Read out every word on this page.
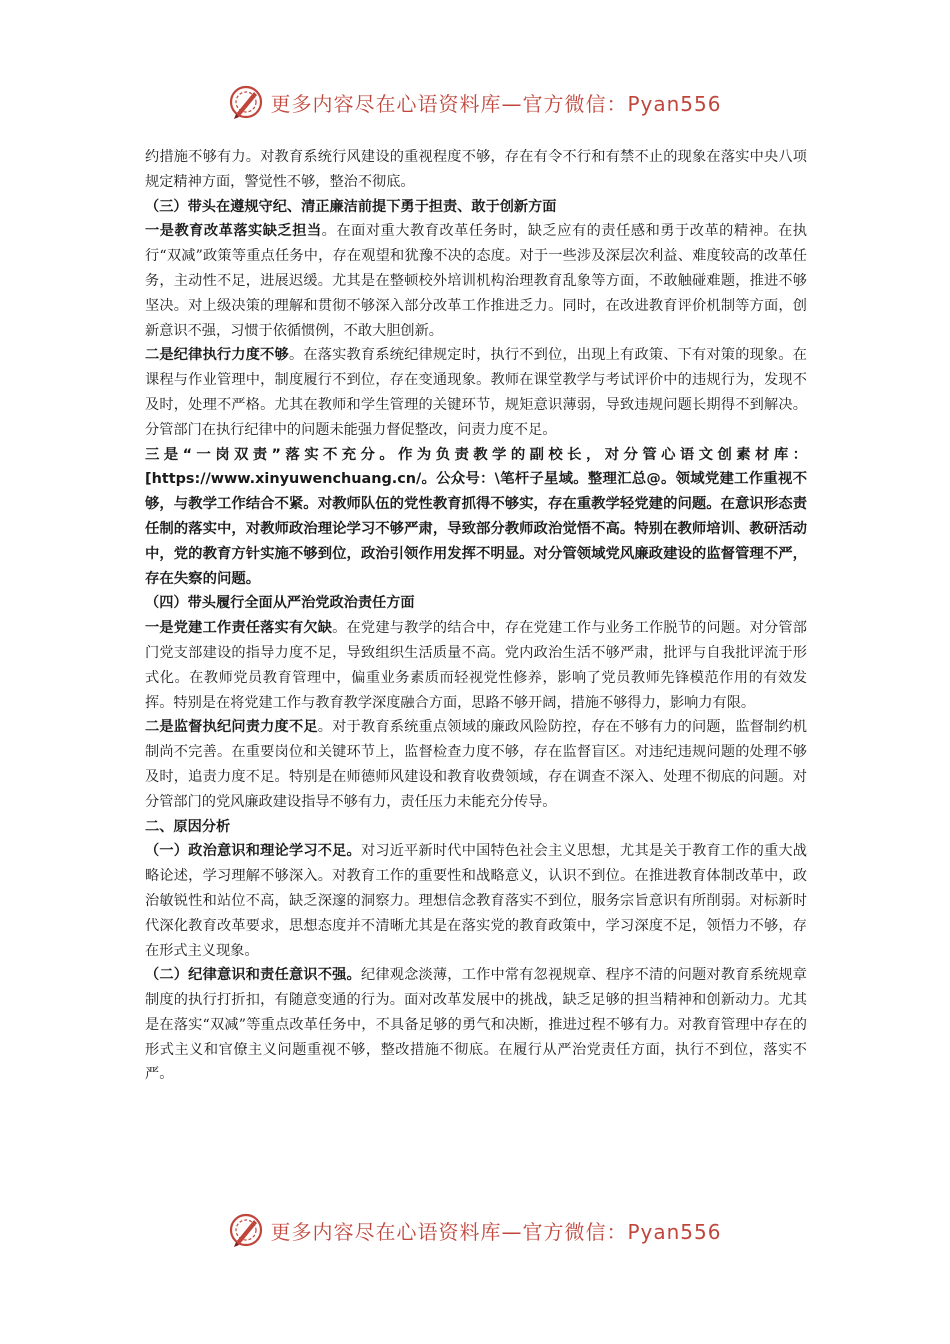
更多内容尽在心语资料库—官方微信：Pyan556

约措施不够有力。对教育系统行风建设的重视程度不够，存在有令不行和有禁不止的现象在落实中央八项规定精神方面，警觉性不够，整治不彻底。

（三）带头在遵规守纪、清正廉洁前提下勇于担责、敢于创新方面

一是教育改革落实缺乏担当。在面对重大教育改革任务时，缺乏应有的责任感和勇于改革的精神。在执行“双减”政策等重点任务中，存在观望和犹豫不决的态度。对于一些涉及深层次利益、难度较高的改革任务，主动性不足，进展迟缓。尤其是在整顿校外培训机构治理教育乱象等方面，不敢触碰难题，推进不够坚决。对上级决策的理解和贯彻不够深入部分改革工作推进乏力。同时，在改进教育评价机制等方面，创新意识不强，习惯于依循惯例，不敢大胆创新。

二是纪律执行力度不够。在落实教育系统纪律规定时，执行不到位，出现上有政策、下有对策的现象。在课程与作业管理中，制度履行不到位，存在变通现象。教师在课堂教学与考试评价中的违规行为，发现不及时，处理不严格。尤其在教师和学生管理的关键环节，规矩意识薄弱，导致违规问题长期得不到解决。分管部门在执行纪律中的问题未能强力督促整改，问责力度不足。

三是“一岗双责”落实不充分。作为负责教学的副校长，对分管心语文创素材库：[https://www.xinyuwenchuang.cn/。公众号：\笔杆子星域。整理汇总@。领域党建工作重视不够，与教学工作结合不紧。对教师队伍的党性教育抓得不够实，存在重教学轻党建的问题。在意识形态责任制的落实中，对教师政治理论学习不够严肃，导致部分教师政治觉悟不高。特别在教师培训、教研活动中，党的教育方针实施不够到位，政治引领作用发挥不明显。对分管领域党风廉政建设的监督管理不严，存在失察的问题。

（四）带头履行全面从严治党政治责任方面

一是党建工作责任落实有欠缺。在党建与教学的结合中，存在党建工作与业务工作脱节的问题。对分管部门党支部建设的指导力度不足，导致组织生活质量不高。党内政治生活不够严肃，批评与自我批评流于形式化。在教师党员教育管理中，偏重业务素质而轻视党性修养，影响了党员教师先锋模范作用的有效发挥。特别是在将党建工作与教育教学深度融合方面，思路不够开阔，措施不够得力，影响力有限。

二是监督执纪问责力度不足。对于教育系统重点领域的廉政风险防控，存在不够有力的问题，监督制约机制尚不完善。在重要岗位和关键环节上，监督检查力度不够，存在监督盲区。对违纪违规问题的处理不够及时，追责力度不足。特别是在师德师风建设和教育收费领域，存在调查不深入、处理不彻底的问题。对分管部门的党风廉政建设指导不够有力，责任压力未能充分传导。

二、原因分析

（一）政治意识和理论学习不足。对习近平新时代中国特色社会主义思想，尤其是关于教育工作的重大战略论述，学习理解不够深入。对教育工作的重要性和战略意义，认识不到位。在推进教育体制改革中，政治敏锐性和站位不高，缺乏深邃的洞察力。理想信念教育落实不到位，服务宗旨意识有所削弱。对标新时代深化教育改革要求，思想态度并不清晰尤其是在落实党的教育政策中，学习深度不足，领悟力不够，存在形式主义现象。

（二）纪律意识和责任意识不强。纪律观念淡薄，工作中常有忽视规章、程序不清的问题对教育系统规章制度的执行打折扣，有随意变通的行为。面对改革发展中的挑战，缺乏足够的担当精神和创新动力。尤其是在落实“双减”等重点改革任务中，不具备足够的勇气和决断，推进过程不够有力。对教育管理中存在的形式主义和官僚主义问题重视不够，整改措施不彻底。在履行从严治党责任方面，执行不到位，落实不严。

更多内容尽在心语资料库—官方微信：Pyan556
